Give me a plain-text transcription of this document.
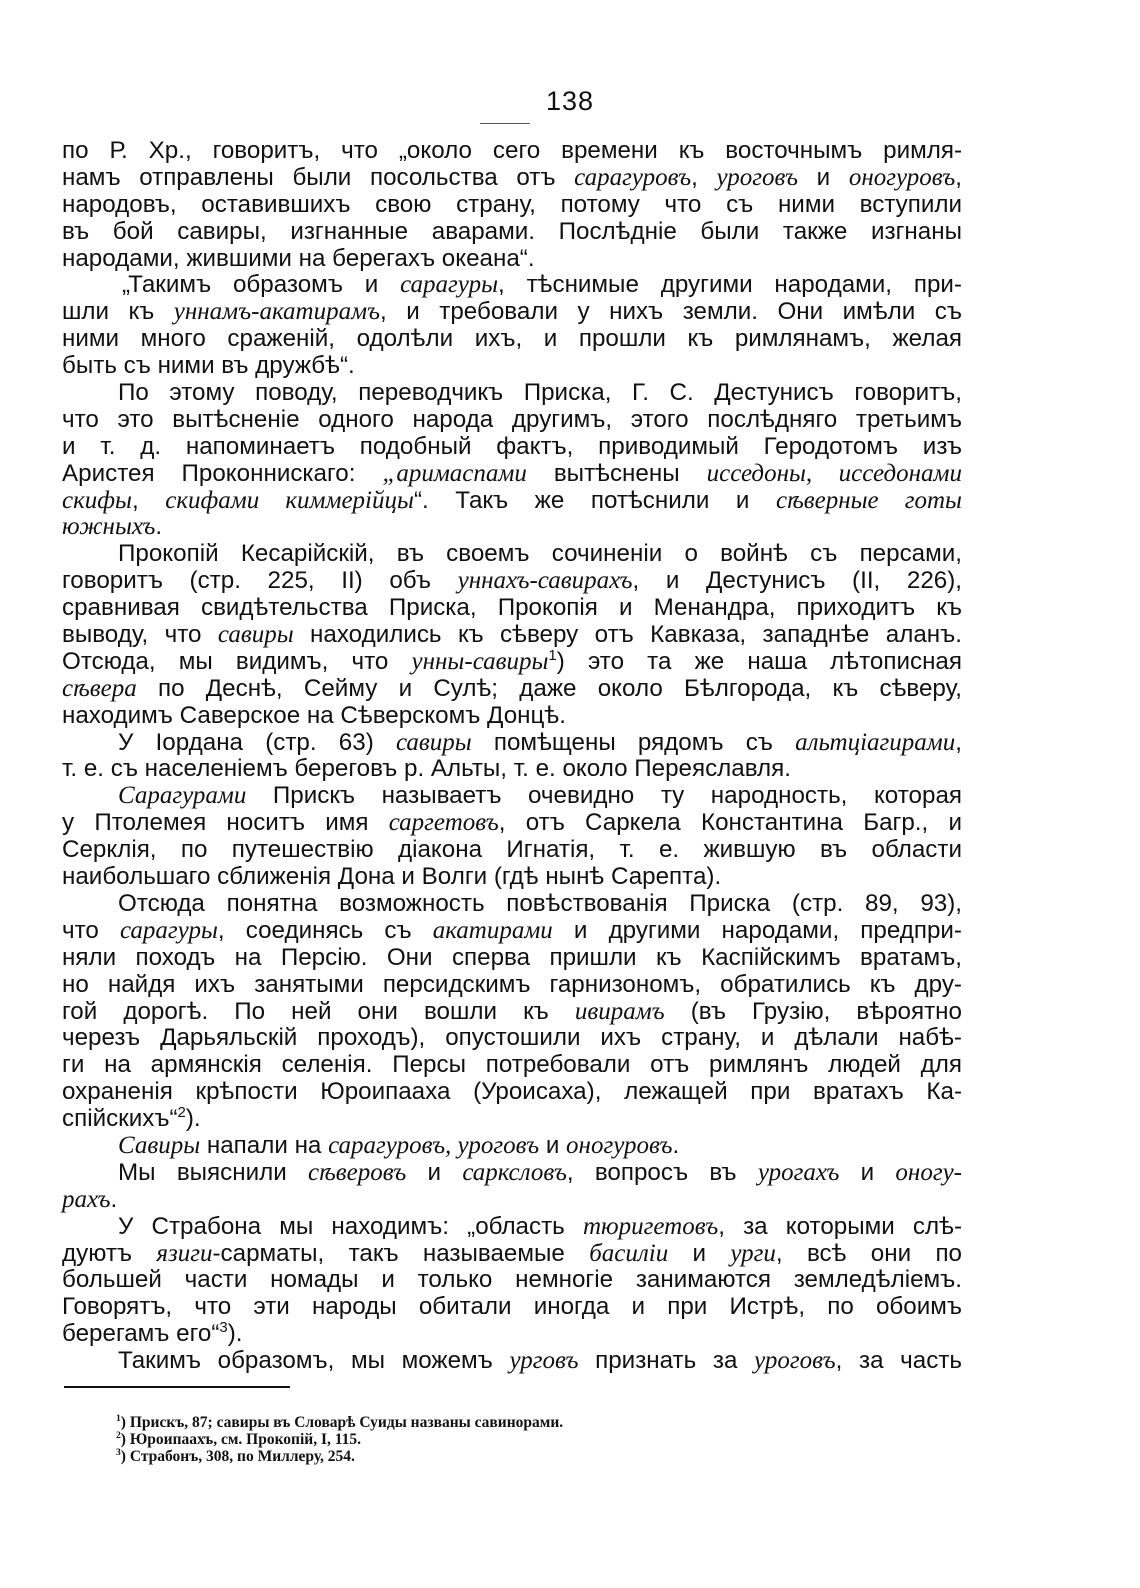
138
по Р. Хр., говоритъ, что „около сего времени къ восточнымъ римля-
намъ отправлены были посольства отъ сарагуровъ, уроговъ и оногуровъ,
народовъ, оставившихъ свою страну, потому что съ ними вступили
въ бой савиры, изгнанные аварами. Послѣдніе были также изгнаны
народами, жившими на берегахъ океана“.
„Такимъ образомъ и сарагуры, тѣснимые другими народами, при-
шли къ уннамъ-акатирамъ, и требовали у нихъ земли. Они имѣли съ
ними много сраженій, одолѣли ихъ, и прошли къ римлянамъ, желая
быть съ ними въ дружбѣ“.
По этому поводу, переводчикъ Приска, Г. С. Дестунисъ говоритъ,
что это вытѣсненіе одного народа другимъ, этого послѣдняго третьимъ
и т. д. напоминаетъ подобный фактъ, приводимый Геродотомъ изъ
Аристея Проконнискаго: „аримаспами вытѣснены исседоны, исседонами
скифы, скифами киммерійцы“. Такъ же потѣснили и сѣверные готы
южныхъ.
Прокопій Кесарійскій, въ своемъ сочиненіи о войнѣ съ персами,
говоритъ (стр. 225, II) объ уннахъ-савирахъ, и Дестунисъ (II, 226),
сравнивая свидѣтельства Приска, Прокопія и Менандра, приходитъ къ
выводу, что савиры находились къ сѣверу отъ Кавказа, западнѣе аланъ.
Отсюда, мы видимъ, что унны-савиры$^1$) это та же наша лѣтописная
сѣвера по Деснѣ, Сейму и Сулѣ; даже около Бѣлгорода, къ сѣверу,
находимъ Саверское на Сѣверскомъ Донцѣ.
У Іордана (стр. 63) савиры помѣщены рядомъ съ альтціагирами,
т. е. съ населеніемъ береговъ р. Альты, т. е. около Переяславля.
Сарагурами Прискъ называетъ очевидно ту народность, которая
у Птолемея носитъ имя саргетовъ, отъ Саркела Константина Багр., и
Серклія, по путешествію діакона Игнатія, т. е. жившую въ области
наибольшаго сближенія Дона и Волги (гдѣ нынѣ Сарепта).
Отсюда понятна возможность повѣствованія Приска (стр. 89, 93),
что сарагуры, соединясь съ акатирами и другими народами, предпри-
няли походъ на Персію. Они сперва пришли къ Каспійскимъ вратамъ,
но найдя ихъ занятыми персидскимъ гарнизономъ, обратились къ дру-
гой дорогѣ. По ней они вошли къ ивирамъ (въ Грузію, вѣроятно
черезъ Дарьяльскій проходъ), опустошили ихъ страну, и дѣлали набѣ-
ги на армянскія селенія. Персы потребовали отъ римлянъ людей для
охраненія крѣпости Юроипааха (Уроисаха), лежащей при вратахъ Ка-
спійскихъ“$^2$).
Савиры напали на сарагуровъ, уроговъ и оногуровъ.
Мы выяснили сѣверовъ и сарксловъ, вопросъ въ урогахъ и оногу-
рахъ.
У Страбона мы находимъ: „область тюригетовъ, за которыми слѣ-
дуютъ язиги-сарматы, такъ называемые басиліи и урги, всѣ они по
большей части номады и только немногіе занимаются земледѣліемъ.
Говорятъ, что эти народы обитали иногда и при Истрѣ, по обоимъ
берегамъ его“$^3$).
Такимъ образомъ, мы можемъ урговъ признать за уроговъ, за часть
$^1$) Прискъ, 87; савиры въ Словарѣ Суиды названы савинорами.
$^2$) Юроипаахъ, см. Прокопій, I, 115.
$^3$) Страбонъ, 308, по Миллеру, 254.
